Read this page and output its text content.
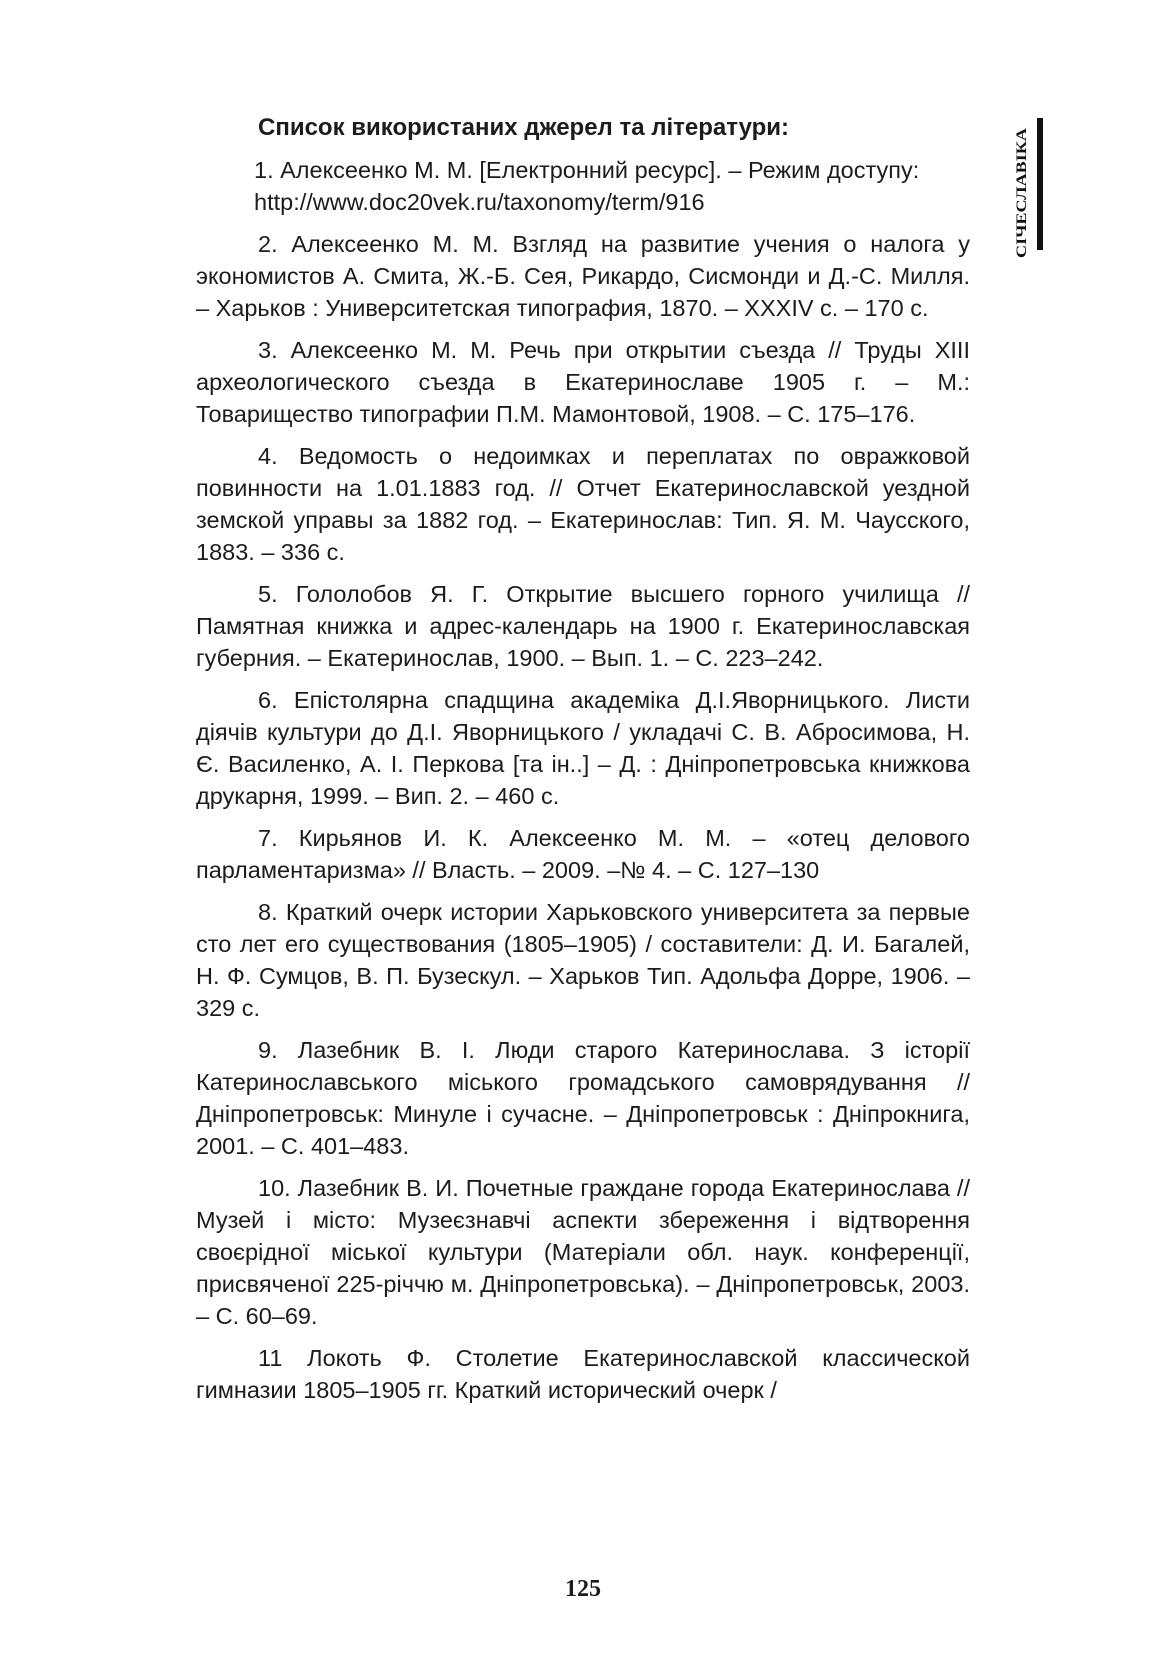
СІЧЕСЛАВІКА

Список використаних джерел та літератури:

1. Алексеенко М. М. [Електронний ресурс]. – Режим доступу: http://www.doc20vek.ru/taxonomy/term/916

2. Алексеенко М. М. Взгляд на развитие учения о налога у экономистов А. Смита, Ж.-Б. Сея, Рикардо, Сисмонди и Д.-С. Милля. – Харьков : Университетская типография, 1870. – XXXIV с. – 170 с.

3. Алексеенко М. М. Речь при открытии съезда // Труды XIII археологического съезда в Екатеринославе 1905 г. – М.: Товарищество типографии П.М. Мамонтовой, 1908. – С. 175–176.

4. Ведомость о недоимках и переплатах по овражковой повинности на 1.01.1883 год. // Отчет Екатеринославской уездной земской управы за 1882 год. – Екатеринослав: Тип. Я. М. Чаусского, 1883. – 336 с.

5. Гололобов Я. Г. Открытие высшего горного училища // Памятная книжка и адрес-календарь на 1900 г. Екатеринославская губерния. – Екатеринослав, 1900. – Вып. 1. – С. 223–242.

6. Епістолярна спадщина академіка Д.І.Яворницького. Листи діячів культури до Д.І. Яворницького / укладачі С. В. Абросимова, Н. Є. Василенко, А. І. Перкова [та ін..] – Д. : Дніпропетровська книжкова друкарня, 1999. – Вип. 2. – 460 с.

7. Кирьянов И. К. Алексеенко М. М. – «отец делового парламентаризма» // Власть. – 2009. –№ 4. – С. 127–130

8. Краткий очерк истории Харьковского университета за первые сто лет его существования (1805–1905) / составители: Д. И. Багалей, Н. Ф. Сумцов, В. П. Бузескул. – Харьков Тип. Адольфа Дорре, 1906. – 329 с.

9. Лазебник В. І. Люди старого Катеринослава. З історії Катеринославського міського громадського самоврядування // Дніпропетровськ: Минуле і сучасне. – Дніпропетровськ : Дніпрокнига, 2001. – С. 401–483.

10. Лазебник В. И. Почетные граждане города Екатеринослава // Музей і місто: Музеєзнавчі аспекти збереження і відтворення своєрідної міської культури (Матеріали обл. наук. конференції, присвяченої 225-річчю м. Дніпропетровська). – Дніпропетровськ, 2003. – С. 60–69.

11 Локоть Ф. Столетие Екатеринославской классической гимназии 1805–1905 гг. Краткий исторический очерк /

125
